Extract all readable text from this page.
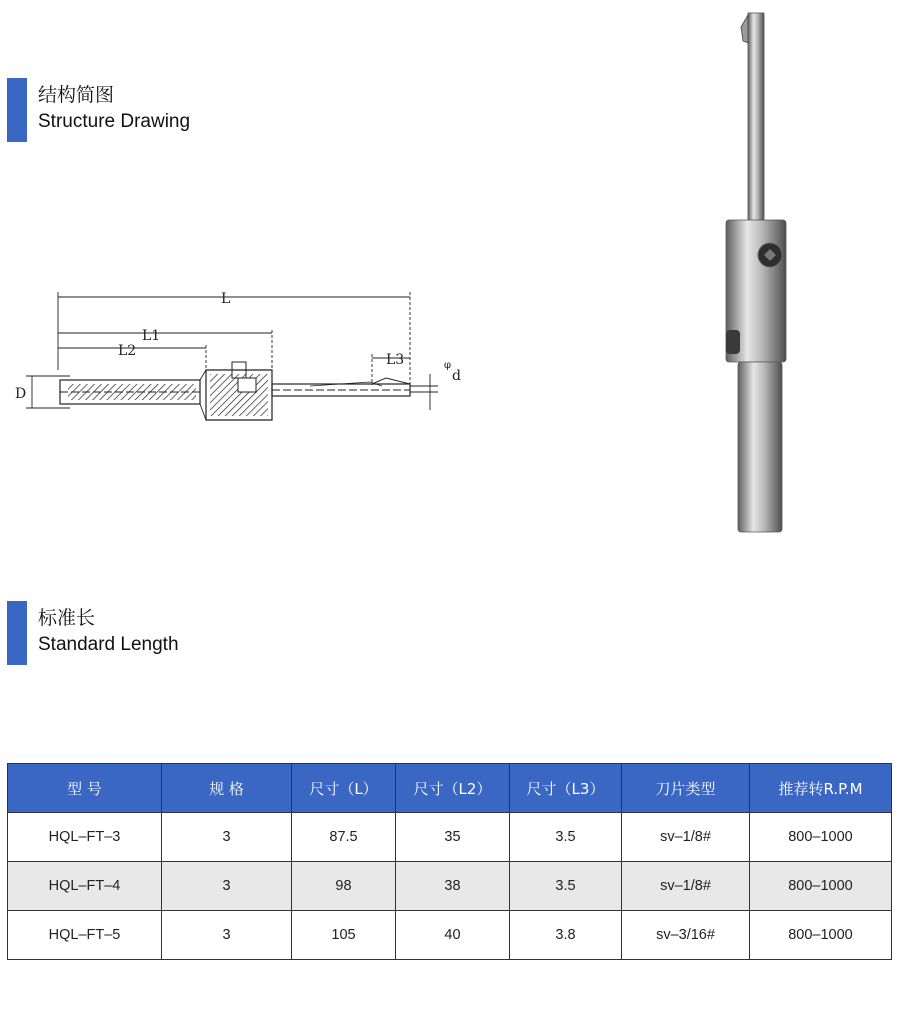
结构简图
Structure Drawing
L
L1
L2
L3
D
φ
d
标准长
Standard Length
型 号	规 格	尺寸（L）	尺寸（L2）	尺寸（L3）	刀片类型	推荐转R.P.M
HQL–FT–3	3	87.5	35	3.5	sv–1/8#	800–1000
HQL–FT–4	3	98	38	3.5	sv–1/8#	800–1000
HQL–FT–5	3	105	40	3.8	sv–3/16#	800–1000
